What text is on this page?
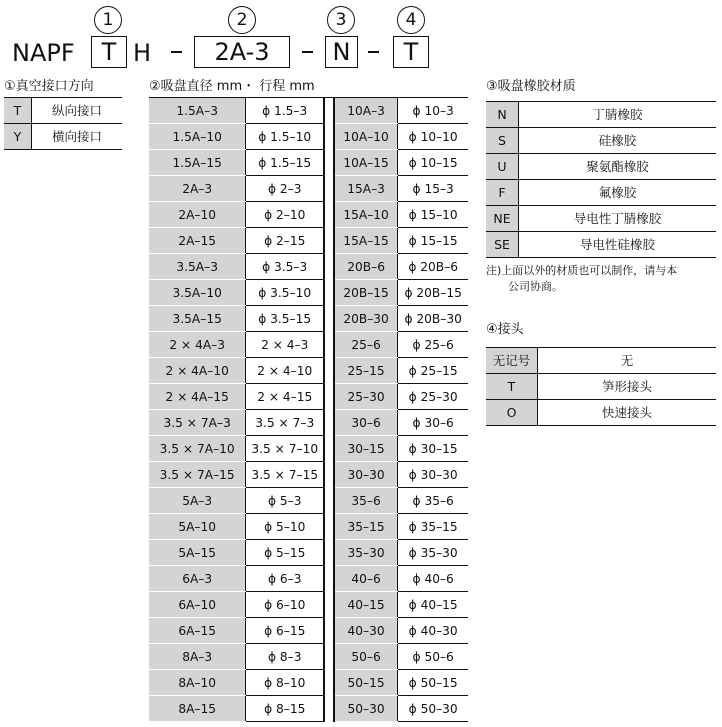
1	2	3	4
NAPF	T H	2A-3	N	T
①真空接口方向	②吸盘直径 mm・ 行程 mm	③吸盘橡胶材质
④接头
T	纵向接口
Y	横向接口
1.5A–3	ϕ 1.5–3		10A–3	ϕ 10–3
1.5A–10	ϕ 1.5–10		10A–10	ϕ 10–10
1.5A–15	ϕ 1.5–15		10A–15	ϕ 10–15
2A–3	ϕ 2–3		15A–3	ϕ 15–3
2A–10	ϕ 2–10		15A–10	ϕ 15–10
2A–15	ϕ 2–15		15A–15	ϕ 15–15
3.5A–3	ϕ 3.5–3		20B–6	ϕ 20B–6
3.5A–10	ϕ 3.5–10		20B–15	ϕ 20B–15
3.5A–15	ϕ 3.5–15		20B–30	ϕ 20B–30
2 × 4A–3	2 × 4–3		25–6	ϕ 25–6
2 × 4A–10	2 × 4–10		25–15	ϕ 25–15
2 × 4A–15	2 × 4–15		25–30	ϕ 25–30
3.5 × 7A–3	3.5 × 7–3		30–6	ϕ 30–6
3.5 × 7A–10	3.5 × 7–10		30–15	ϕ 30–15
3.5 × 7A–15	3.5 × 7–15		30–30	ϕ 30–30
5A–3	ϕ 5–3		35–6	ϕ 35–6
5A–10	ϕ 5–10		35–15	ϕ 35–15
5A–15	ϕ 5–15		35–30	ϕ 35–30
6A–3	ϕ 6–3		40–6	ϕ 40–6
6A–10	ϕ 6–10		40–15	ϕ 40–15
6A–15	ϕ 6–15		40–30	ϕ 40–30
8A–3	ϕ 8–3		50–6	ϕ 50–6
8A–10	ϕ 8–10		50–15	ϕ 50–15
8A–15	ϕ 8–15		50–30	ϕ 50–30
N	丁腈橡胶
S	硅橡胶
U	聚氨酯橡胶
F	氟橡胶
NE	导电性丁腈橡胶
SE	导电性硅橡胶
注)上面以外的材质也可以制作，请与本
公司协商。
无记号	无
T	笋形接头
O	快速接头
